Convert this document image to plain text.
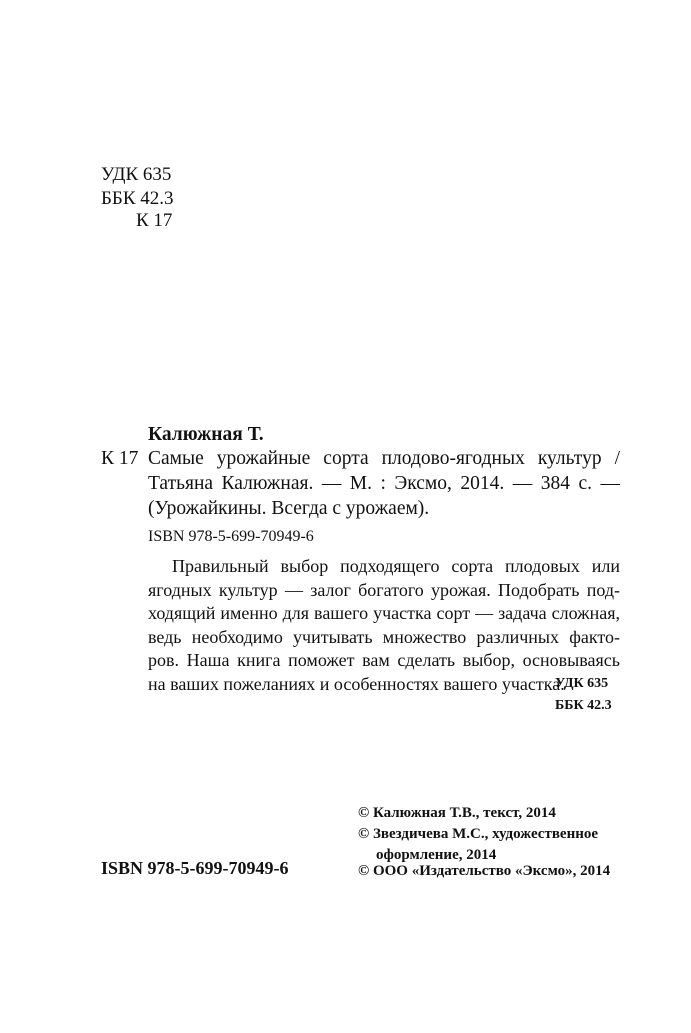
УДК 635
ББК 42.3
К 17
Калюжная Т.
К 17 Самые урожайные сорта плодово-ягодных культур /
Татьяна Калюжная. — М. : Эксмо, 2014. — 384 с. —
(Урожайкины. Всегда с урожаем).
ISBN 978-5-699-70949-6
Правильный выбор подходящего сорта плодовых или
ягодных культур — залог богатого урожая. Подобрать под-
ходящий именно для вашего участка сорт — задача сложная,
ведь необходимо учитывать множество различных факто-
ров. Наша книга поможет вам сделать выбор, основываясь
на ваших пожеланиях и особенностях вашего участка.
УДК 635
ББК 42.3
ISBN 978-5-699-70949-6
© Калюжная Т.В., текст, 2014
© Звездичева М.С., художественное
оформление, 2014
© ООО «Издательство «Эксмо», 2014
